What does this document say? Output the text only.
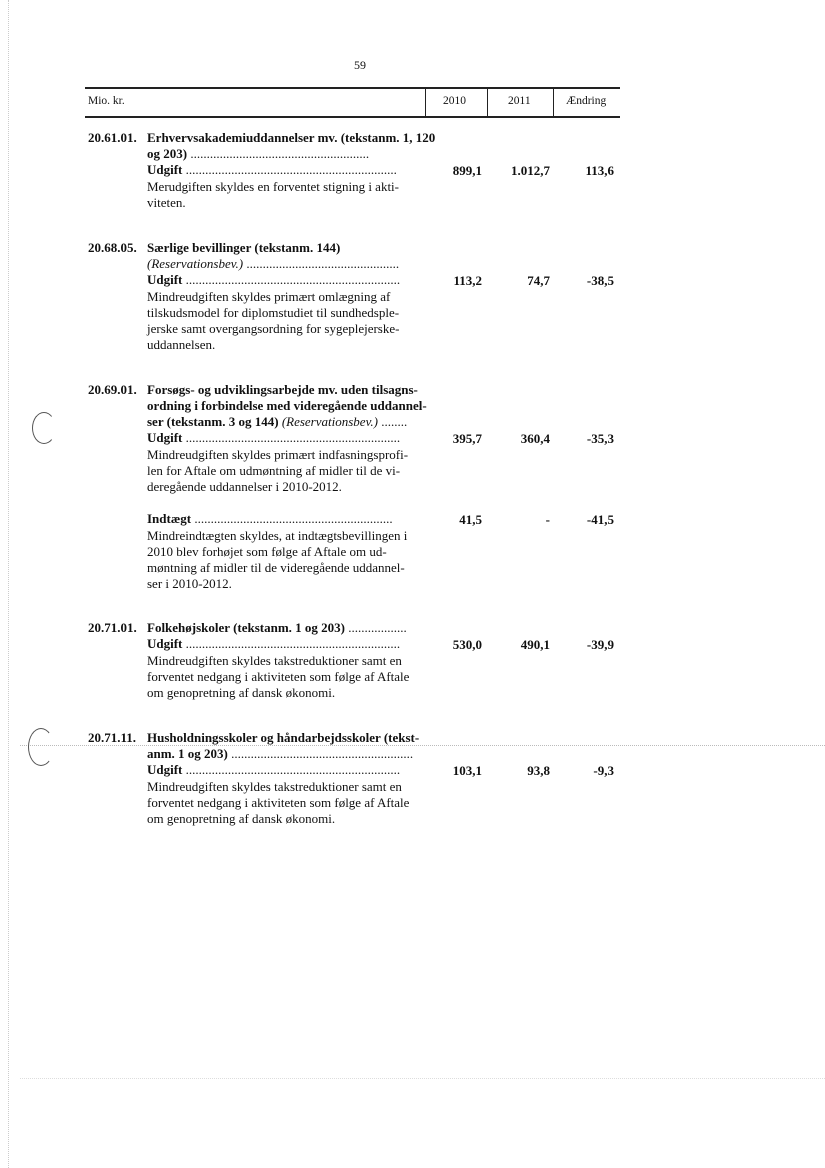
59
Mio. kr.	2010	2011	Ændring
20.61.01. Erhvervsakademiuddannelser mv. (tekstanm. 1, 120
og 203) .......................................................
Udgift .................................................................	899,1	1.012,7	113,6
Merudgiften skyldes en forventet stigning i akti-
viteten.
20.68.05. Særlige bevillinger (tekstanm. 144)
(Reservationsbev.) ...............................................
Udgift ..................................................................	113,2	74,7	-38,5
Mindreudgiften skyldes primært omlægning af
tilskudsmodel for diplomstudiet til sundhedsple-
jerske samt overgangsordning for sygeplejerske-
uddannelsen.
20.69.01. Forsøgs- og udviklingsarbejde mv. uden tilsagns-
ordning i forbindelse med videregående uddannel-
ser (tekstanm. 3 og 144) (Reservationsbev.) ........
Udgift ..................................................................	395,7	360,4	-35,3
Mindreudgiften skyldes primært indfasningsprofi-
len for Aftale om udmøntning af midler til de vi-
deregående uddannelser i 2010-2012.
Indtægt .............................................................	41,5	-	-41,5
Mindreindtægten skyldes, at indtægtsbevillingen i
2010 blev forhøjet som følge af Aftale om ud-
møntning af midler til de videregående uddannel-
ser i 2010-2012.
20.71.01. Folkehøjskoler (tekstanm. 1 og 203) ..................
Udgift ..................................................................	530,0	490,1	-39,9
Mindreudgiften skyldes takstreduktioner samt en
forventet nedgang i aktiviteten som følge af Aftale
om genopretning af dansk økonomi.
20.71.11. Husholdningsskoler og håndarbejdsskoler (tekst-
anm. 1 og 203) ........................................................
Udgift ..................................................................	103,1	93,8	-9,3
Mindreudgiften skyldes takstreduktioner samt en
forventet nedgang i aktiviteten som følge af Aftale
om genopretning af dansk økonomi.
